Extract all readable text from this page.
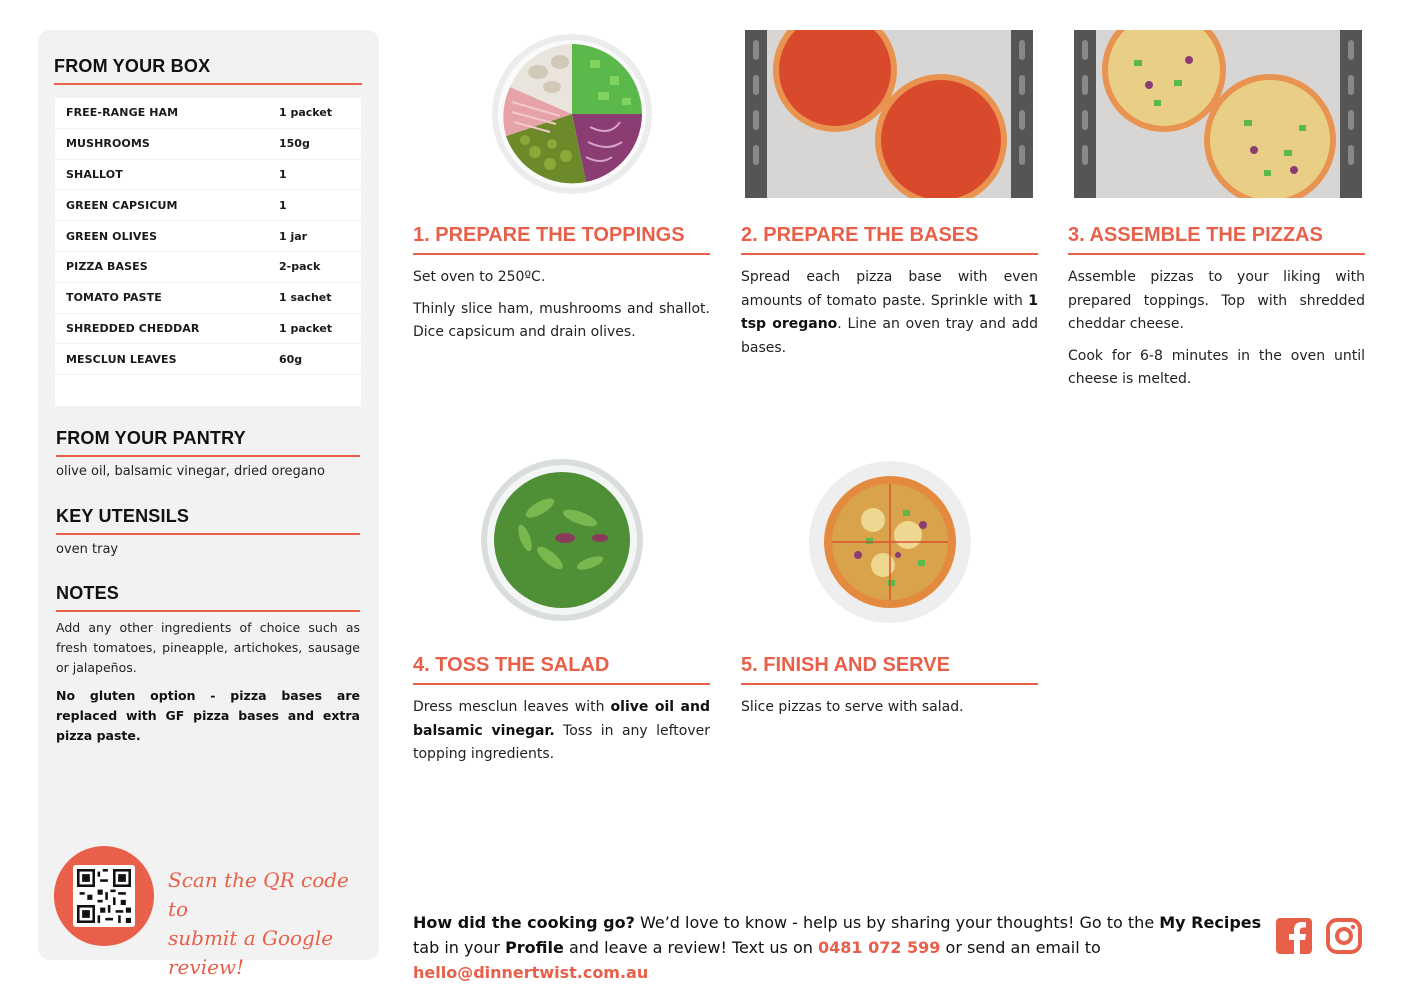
FROM YOUR BOX
FREE-RANGE HAM	1 packet
MUSHROOMS	150g
SHALLOT	1
GREEN CAPSICUM	1
GREEN OLIVES	1 jar
PIZZA BASES	2-pack
TOMATO PASTE	1 sachet
SHREDDED CHEDDAR	1 packet
MESCLUN LEAVES	60g
FROM YOUR PANTRY
olive oil, balsamic vinegar, dried oregano
KEY UTENSILS
oven tray
NOTES
Add any other ingredients of choice such as fresh tomatoes, pineapple, artichokes, sausage or jalapeños.
No gluten option - pizza bases are replaced with GF pizza bases and extra pizza paste.
Scan the QR code to
submit a Google review!
1. PREPARE THE TOPPINGS

Set oven to 250ºC.

Thinly slice ham, mushrooms and shallot. Dice capsicum and drain olives.

2. PREPARE THE BASES

Spread each pizza base with even amounts of tomato paste. Sprinkle with 1 tsp oregano. Line an oven tray and add bases.

3. ASSEMBLE THE PIZZAS

Assemble pizzas to your liking with prepared toppings. Top with shredded cheddar cheese.

Cook for 6-8 minutes in the oven until cheese is melted.

4. TOSS THE SALAD

Dress mesclun leaves with olive oil and balsamic vinegar. Toss in any leftover topping ingredients.

5. FINISH AND SERVE

Slice pizzas to serve with salad.

How did the cooking go? We’d love to know - help us by sharing your thoughts! Go to the My Recipes tab in your Profile and leave a review! Text us on 0481 072 599 or send an email to hello@dinnertwist.com.au
